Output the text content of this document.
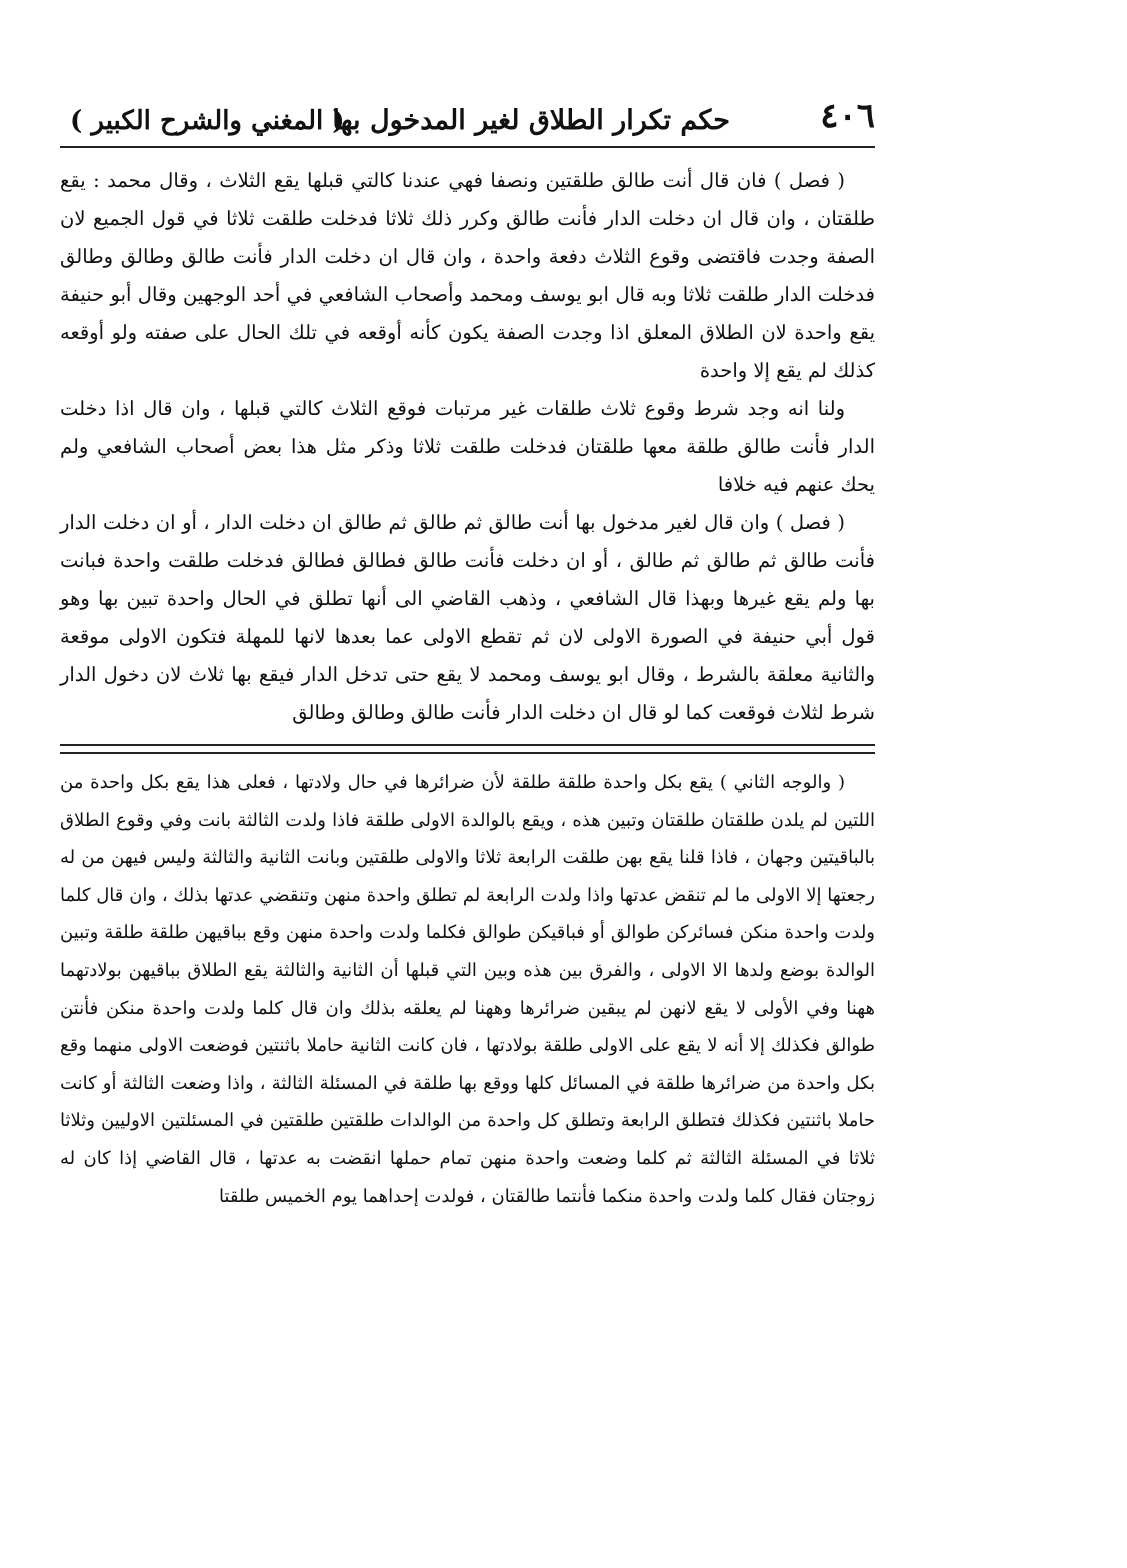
٤٠٦
حكم تكرار الطلاق لغير المدخول بها
( المغني والشرح الكبير )

( فصل ) فان قال أنت طالق طلقتين ونصفا فهي عندنا كالتي قبلها يقع الثلاث ، وقال محمد : يقع طلقتان ، وان قال ان دخلت الدار فأنت طالق وكرر ذلك ثلاثا فدخلت طلقت ثلاثا في قول الجميع لان الصفة وجدت فاقتضى وقوع الثلاث دفعة واحدة ، وان قال ان دخلت الدار فأنت طالق وطالق وطالق فدخلت الدار طلقت ثلاثا وبه قال ابو يوسف ومحمد وأصحاب الشافعي في أحد الوجهين وقال أبو حنيفة يقع واحدة لان الطلاق المعلق اذا وجدت الصفة يكون كأنه أوقعه في تلك الحال على صفته ولو أوقعه كذلك لم يقع إلا واحدة

ولنا انه وجد شرط وقوع ثلاث طلقات غير مرتبات فوقع الثلاث كالتي قبلها ، وان قال اذا دخلت الدار فأنت طالق طلقة معها طلقتان فدخلت طلقت ثلاثا وذكر مثل هذا بعض أصحاب الشافعي ولم يحك عنهم فيه خلافا

( فصل ) وان قال لغير مدخول بها أنت طالق ثم طالق ثم طالق ان دخلت الدار ، أو ان دخلت الدار فأنت طالق ثم طالق ثم طالق ، أو ان دخلت فأنت طالق فطالق فطالق فدخلت طلقت واحدة فبانت بها ولم يقع غيرها وبهذا قال الشافعي ، وذهب القاضي الى أنها تطلق في الحال واحدة تبين بها وهو قول أبي حنيفة في الصورة الاولى لان ثم تقطع الاولى عما بعدها لانها للمهلة فتكون الاولى موقعة والثانية معلقة بالشرط ، وقال ابو يوسف ومحمد لا يقع حتى تدخل الدار فيقع بها ثلاث لان دخول الدار شرط لثلاث فوقعت كما لو قال ان دخلت الدار فأنت طالق وطالق وطالق

( والوجه الثاني ) يقع بكل واحدة طلقة طلقة لأن ضرائرها في حال ولادتها ، فعلى هذا يقع بكل واحدة من اللتين لم يلدن طلقتان طلقتان وتبين هذه ، ويقع بالوالدة الاولى طلقة فاذا ولدت الثالثة بانت وفي وقوع الطلاق بالباقيتين وجهان ، فاذا قلنا يقع بهن طلقت الرابعة ثلاثا والاولى طلقتين وبانت الثانية والثالثة وليس فيهن من له رجعتها إلا الاولى ما لم تنقض عدتها واذا ولدت الرابعة لم تطلق واحدة منهن وتنقضي عدتها بذلك ، وان قال كلما ولدت واحدة منكن فسائركن طوالق أو فباقيكن طوالق فكلما ولدت واحدة منهن وقع بباقيهن طلقة طلقة وتبين الوالدة بوضع ولدها الا الاولى ، والفرق بين هذه وبين التي قبلها أن الثانية والثالثة يقع الطلاق بباقيهن بولادتهما ههنا وفي الأولى لا يقع لانهن لم يبقين ضرائرها وههنا لم يعلقه بذلك وان قال كلما ولدت واحدة منكن فأنتن طوالق فكذلك إلا أنه لا يقع على الاولى طلقة بولادتها ، فان كانت الثانية حاملا باثنتين فوضعت الاولى منهما وقع بكل واحدة من ضرائرها طلقة في المسائل كلها ووقع بها طلقة في المسئلة الثالثة ، واذا وضعت الثالثة أو كانت حاملا باثنتين فكذلك فتطلق الرابعة وتطلق كل واحدة من الوالدات طلقتين طلقتين في المسئلتين الاوليين وثلاثا ثلاثا في المسئلة الثالثة ثم كلما وضعت واحدة منهن تمام حملها انقضت به عدتها ، قال القاضي إذا كان له زوجتان فقال كلما ولدت واحدة منكما فأنتما طالقتان ، فولدت إحداهما يوم الخميس طلقتا
